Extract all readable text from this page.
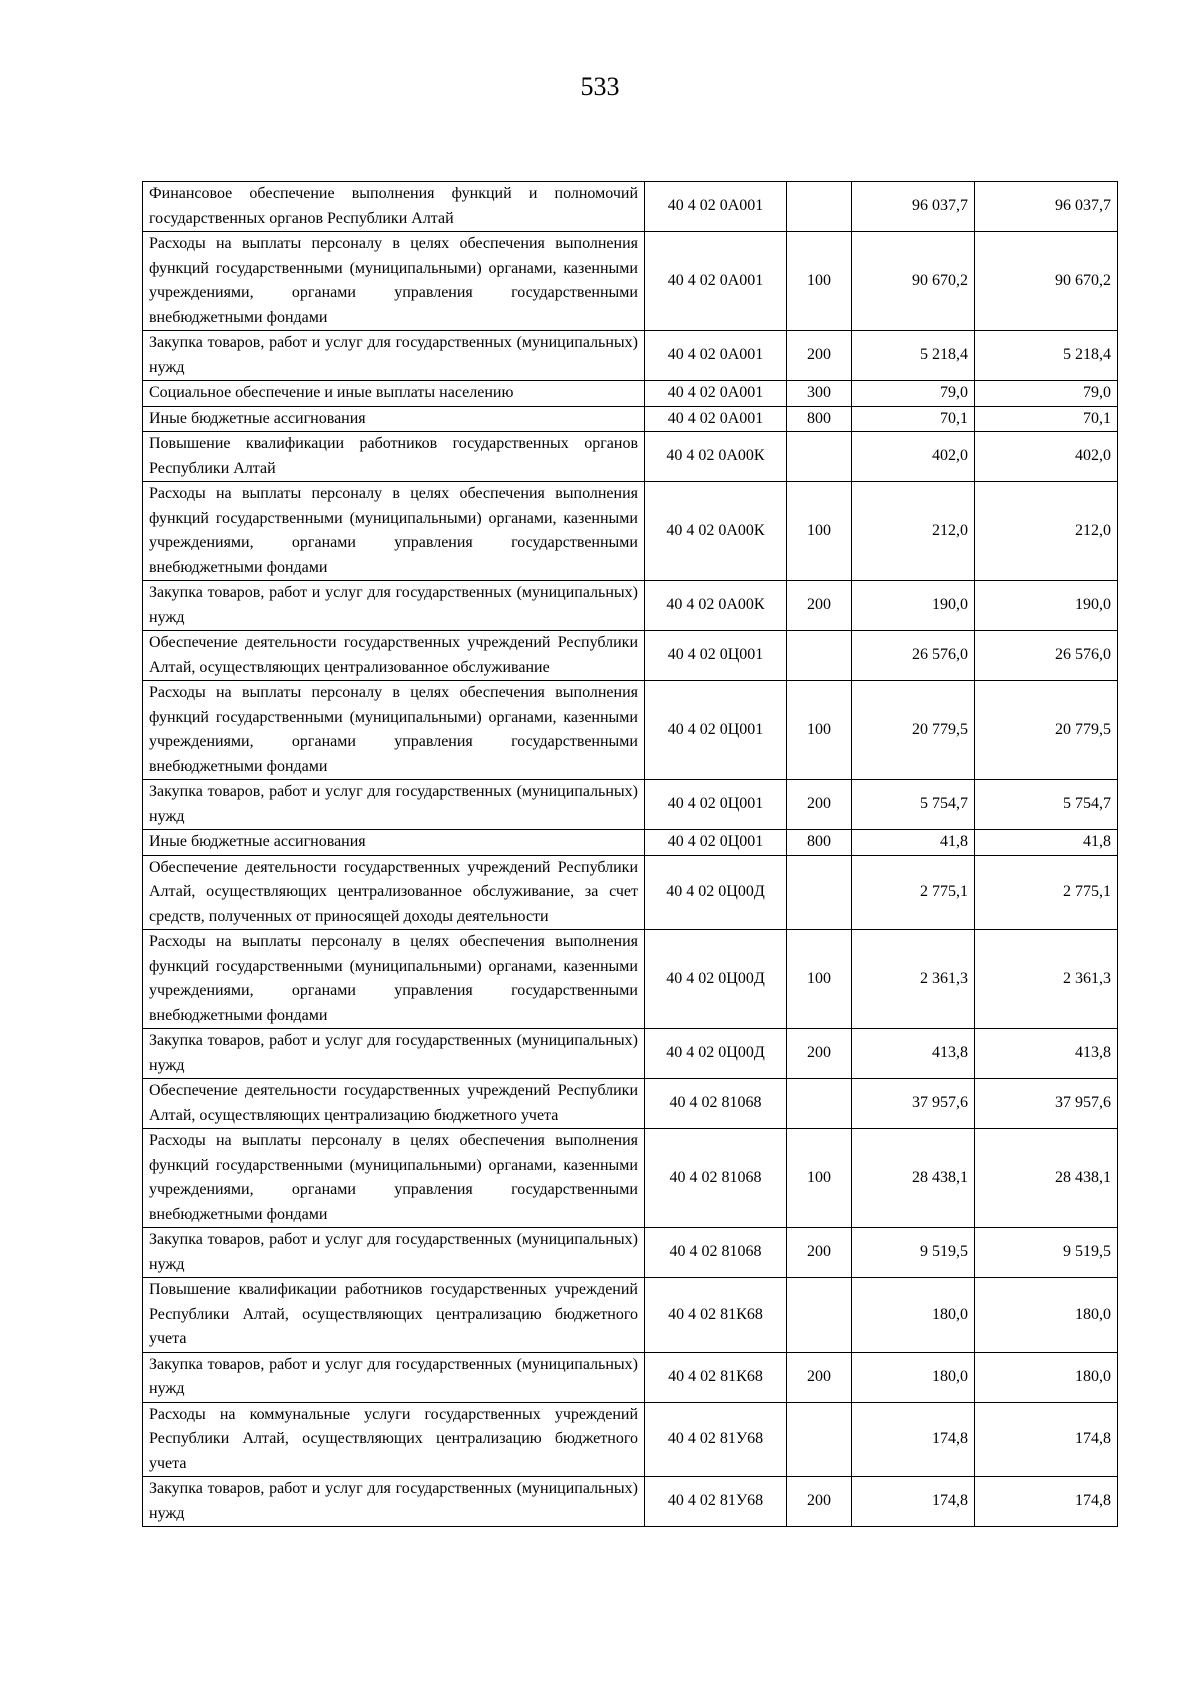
533
Финансовое обеспечение выполнения функций и полномочий государственных органов Республики Алтай	40 4 02 0А001		96 037,7	96 037,7
Расходы на выплаты персоналу в целях обеспечения выполнения функций государственными (муниципальными) органами, казенными учреждениями, органами управления государственными внебюджетными фондами	40 4 02 0А001	100	90 670,2	90 670,2
Закупка товаров, работ и услуг для государственных (муниципальных) нужд	40 4 02 0А001	200	5 218,4	5 218,4
Социальное обеспечение и иные выплаты населению	40 4 02 0А001	300	79,0	79,0
Иные бюджетные ассигнования	40 4 02 0А001	800	70,1	70,1
Повышение квалификации работников государственных органов Республики Алтай	40 4 02 0А00К		402,0	402,0
Расходы на выплаты персоналу в целях обеспечения выполнения функций государственными (муниципальными) органами, казенными учреждениями, органами управления государственными внебюджетными фондами	40 4 02 0А00К	100	212,0	212,0
Закупка товаров, работ и услуг для государственных (муниципальных) нужд	40 4 02 0А00К	200	190,0	190,0
Обеспечение деятельности государственных учреждений Республики Алтай, осуществляющих централизованное обслуживание	40 4 02 0Ц001		26 576,0	26 576,0
Расходы на выплаты персоналу в целях обеспечения выполнения функций государственными (муниципальными) органами, казенными учреждениями, органами управления государственными внебюджетными фондами	40 4 02 0Ц001	100	20 779,5	20 779,5
Закупка товаров, работ и услуг для государственных (муниципальных) нужд	40 4 02 0Ц001	200	5 754,7	5 754,7
Иные бюджетные ассигнования	40 4 02 0Ц001	800	41,8	41,8
Обеспечение деятельности государственных учреждений Республики Алтай, осуществляющих централизованное обслуживание, за счет средств, полученных от приносящей доходы деятельности	40 4 02 0Ц00Д		2 775,1	2 775,1
Расходы на выплаты персоналу в целях обеспечения выполнения функций государственными (муниципальными) органами, казенными учреждениями, органами управления государственными внебюджетными фондами	40 4 02 0Ц00Д	100	2 361,3	2 361,3
Закупка товаров, работ и услуг для государственных (муниципальных) нужд	40 4 02 0Ц00Д	200	413,8	413,8
Обеспечение деятельности государственных учреждений Республики Алтай, осуществляющих централизацию бюджетного учета	40 4 02 81068		37 957,6	37 957,6
Расходы на выплаты персоналу в целях обеспечения выполнения функций государственными (муниципальными) органами, казенными учреждениями, органами управления государственными внебюджетными фондами	40 4 02 81068	100	28 438,1	28 438,1
Закупка товаров, работ и услуг для государственных (муниципальных) нужд	40 4 02 81068	200	9 519,5	9 519,5
Повышение квалификации работников государственных учреждений Республики Алтай, осуществляющих централизацию бюджетного учета	40 4 02 81К68		180,0	180,0
Закупка товаров, работ и услуг для государственных (муниципальных) нужд	40 4 02 81К68	200	180,0	180,0
Расходы на коммунальные услуги государственных учреждений Республики Алтай, осуществляющих централизацию бюджетного учета	40 4 02 81У68		174,8	174,8
Закупка товаров, работ и услуг для государственных (муниципальных) нужд	40 4 02 81У68	200	174,8	174,8
